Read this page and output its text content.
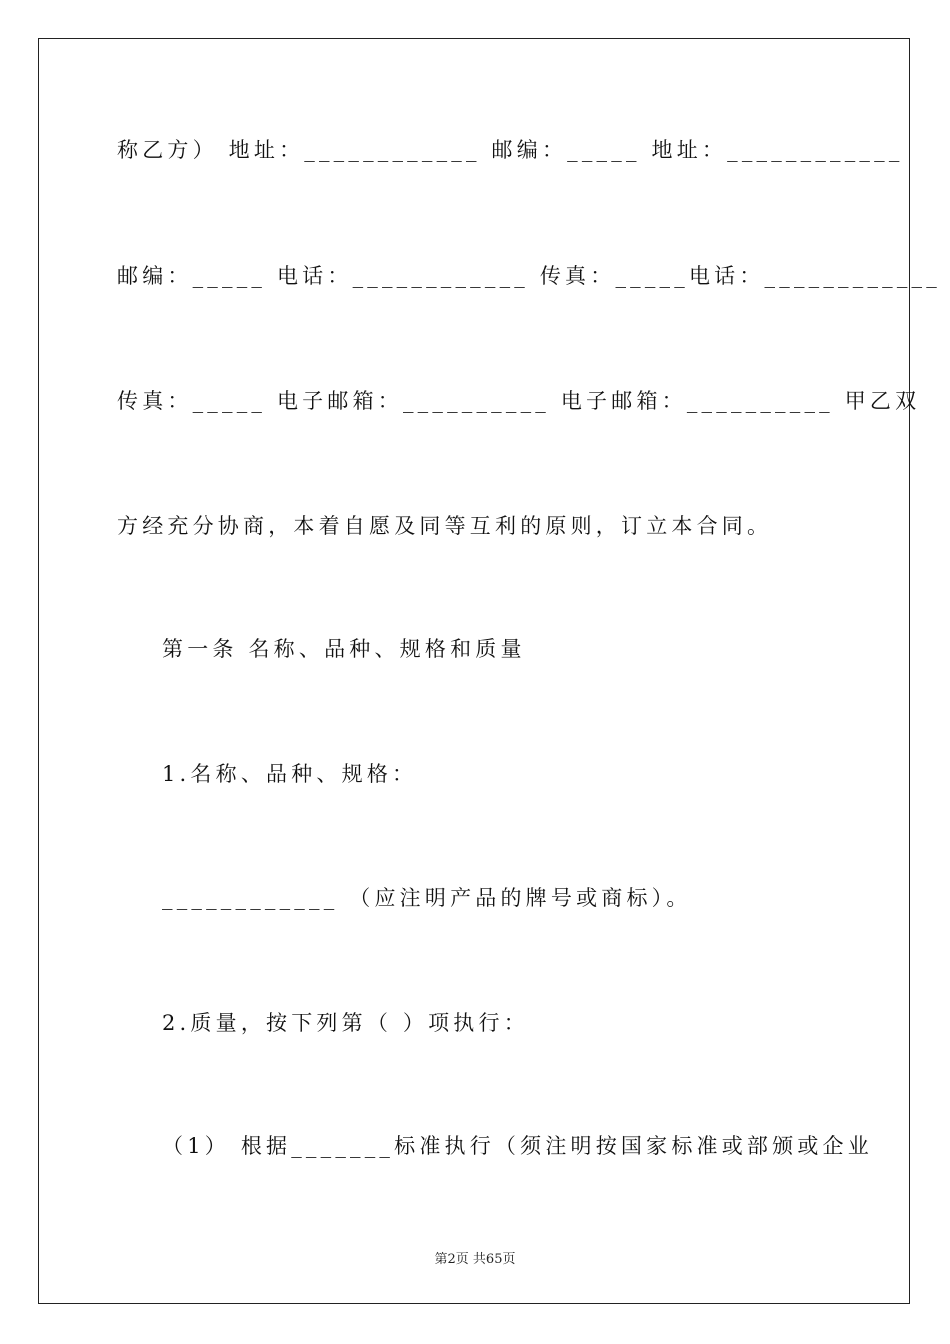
称乙方） 地址：____________ 邮编：_____ 地址：____________
邮编：_____ 电话：____________ 传真：_____电话：____________
传真：_____ 电子邮箱：__________ 电子邮箱：__________ 甲乙双
方经充分协商，本着自愿及同等互利的原则，订立本合同。
第一条 名称、品种、规格和质量
1.名称、品种、规格：
____________ （应注明产品的牌号或商标）。
2.质量，按下列第（ ）项执行：
（1） 根据_______标准执行（须注明按国家标准或部颁或企业
第2页 共65页
